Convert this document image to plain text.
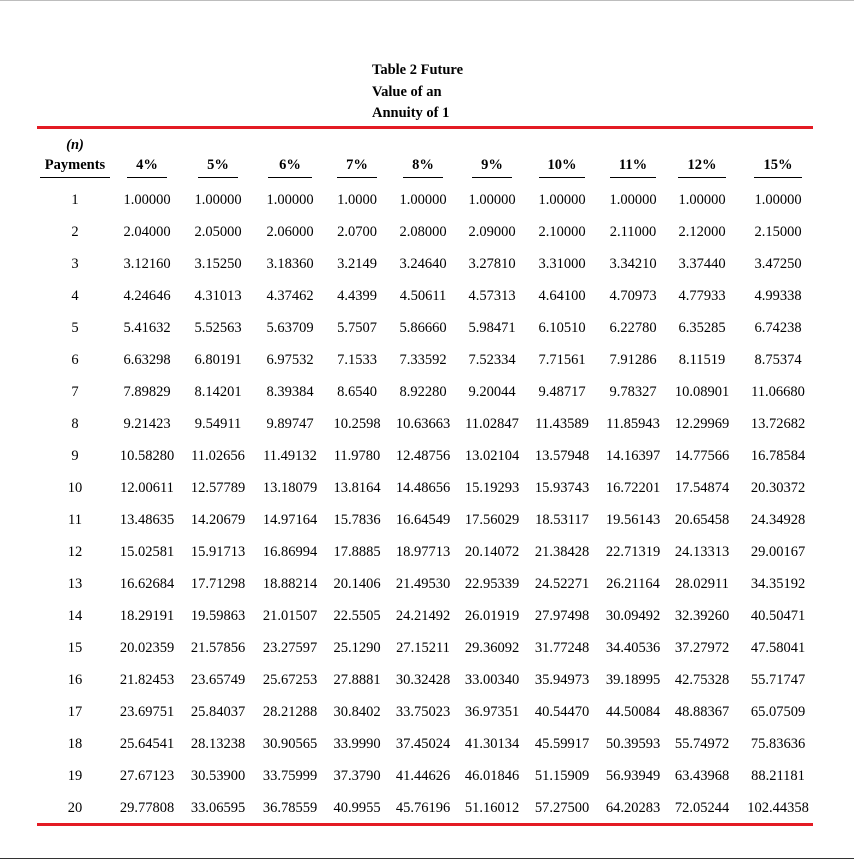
Table 2 Future
Value of an
Annuity of 1
(n)
Payments	4%	5%	6%	7%	8%	9%	10%	11%	12%	15%
1	1.00000	1.00000	1.00000	1.0000	1.00000	1.00000	1.00000	1.00000	1.00000	1.00000
2	2.04000	2.05000	2.06000	2.0700	2.08000	2.09000	2.10000	2.11000	2.12000	2.15000
3	3.12160	3.15250	3.18360	3.2149	3.24640	3.27810	3.31000	3.34210	3.37440	3.47250
4	4.24646	4.31013	4.37462	4.4399	4.50611	4.57313	4.64100	4.70973	4.77933	4.99338
5	5.41632	5.52563	5.63709	5.7507	5.86660	5.98471	6.10510	6.22780	6.35285	6.74238
6	6.63298	6.80191	6.97532	7.1533	7.33592	7.52334	7.71561	7.91286	8.11519	8.75374
7	7.89829	8.14201	8.39384	8.6540	8.92280	9.20044	9.48717	9.78327	10.08901	11.06680
8	9.21423	9.54911	9.89747	10.2598	10.63663	11.02847	11.43589	11.85943	12.29969	13.72682
9	10.58280	11.02656	11.49132	11.9780	12.48756	13.02104	13.57948	14.16397	14.77566	16.78584
10	12.00611	12.57789	13.18079	13.8164	14.48656	15.19293	15.93743	16.72201	17.54874	20.30372
11	13.48635	14.20679	14.97164	15.7836	16.64549	17.56029	18.53117	19.56143	20.65458	24.34928
12	15.02581	15.91713	16.86994	17.8885	18.97713	20.14072	21.38428	22.71319	24.13313	29.00167
13	16.62684	17.71298	18.88214	20.1406	21.49530	22.95339	24.52271	26.21164	28.02911	34.35192
14	18.29191	19.59863	21.01507	22.5505	24.21492	26.01919	27.97498	30.09492	32.39260	40.50471
15	20.02359	21.57856	23.27597	25.1290	27.15211	29.36092	31.77248	34.40536	37.27972	47.58041
16	21.82453	23.65749	25.67253	27.8881	30.32428	33.00340	35.94973	39.18995	42.75328	55.71747
17	23.69751	25.84037	28.21288	30.8402	33.75023	36.97351	40.54470	44.50084	48.88367	65.07509
18	25.64541	28.13238	30.90565	33.9990	37.45024	41.30134	45.59917	50.39593	55.74972	75.83636
19	27.67123	30.53900	33.75999	37.3790	41.44626	46.01846	51.15909	56.93949	63.43968	88.21181
20	29.77808	33.06595	36.78559	40.9955	45.76196	51.16012	57.27500	64.20283	72.05244	102.44358
